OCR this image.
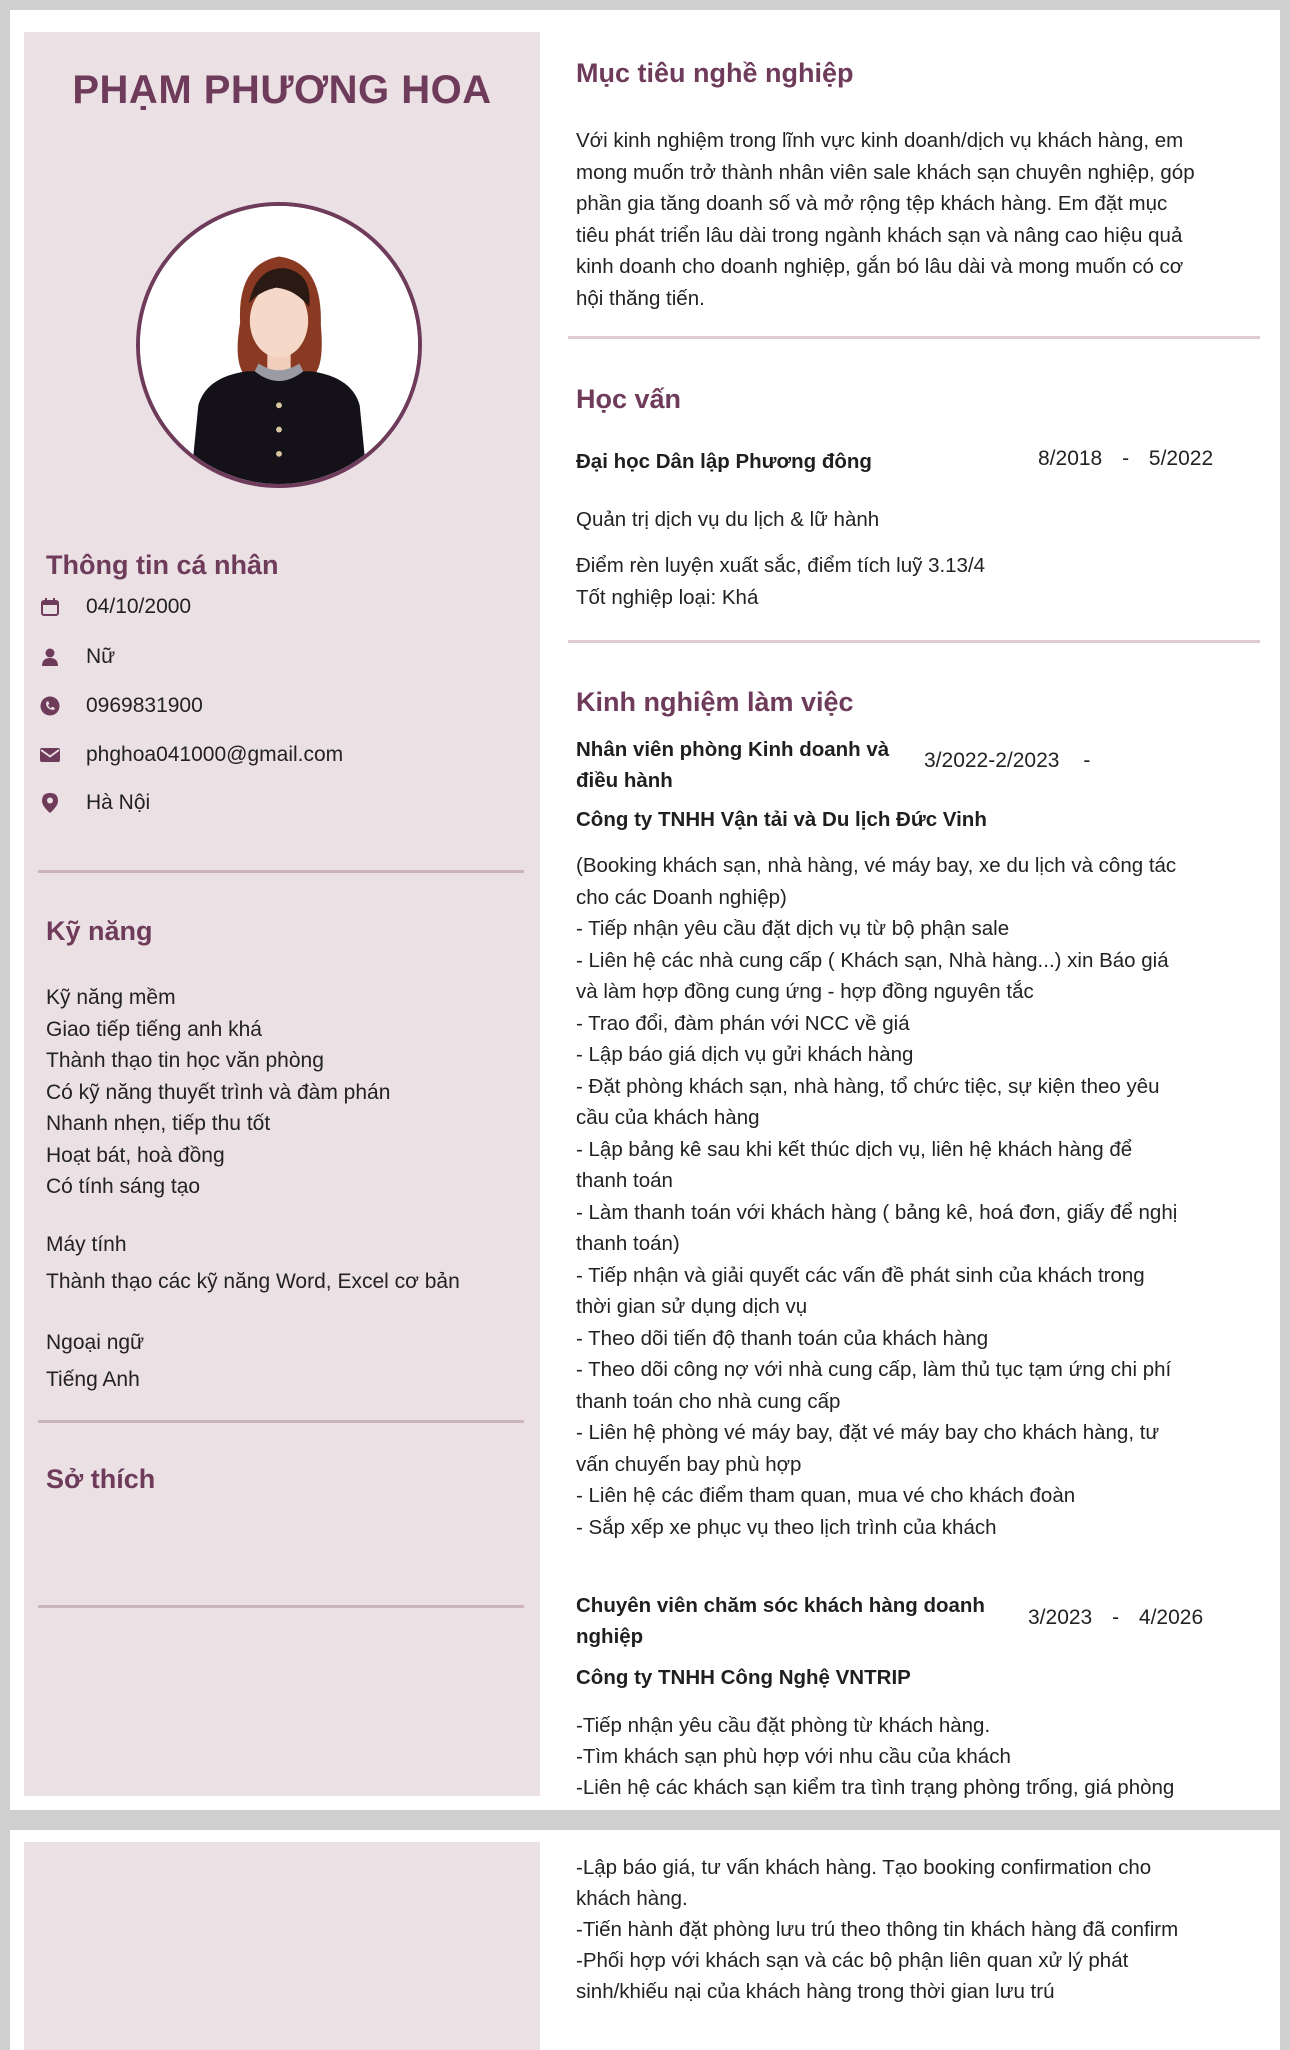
PHẠM PHƯƠNG HOA
Thông tin cá nhân
04/10/2000
Nữ
0969831900
phghoa041000@gmail.com
Hà Nội
Kỹ năng
Kỹ năng mềm
Giao tiếp tiếng anh khá
Thành thạo tin học văn phòng
Có kỹ năng thuyết trình và đàm phán
Nhanh nhẹn, tiếp thu tốt
Hoạt bát, hoà đồng
Có tính sáng tạo
Máy tính
Thành thạo các kỹ năng Word, Excel cơ bản
Ngoại ngữ
Tiếng Anh
Sở thích
Mục tiêu nghề nghiệp
Với kinh nghiệm trong lĩnh vực kinh doanh/dịch vụ khách hàng, em
mong muốn trở thành nhân viên sale khách sạn chuyên nghiệp, góp
phần gia tăng doanh số và mở rộng tệp khách hàng. Em đặt mục
tiêu phát triển lâu dài trong ngành khách sạn và nâng cao hiệu quả
kinh doanh cho doanh nghiệp, gắn bó lâu dài và mong muốn có cơ
hội thăng tiến.
Học vấn
Đại học Dân lập Phương đông	8/2018 - 5/2022
Quản trị dịch vụ du lịch & lữ hành
Điểm rèn luyện xuất sắc, điểm tích luỹ 3.13/4
Tốt nghiệp loại: Khá
Kinh nghiệm làm việc
Nhân viên phòng Kinh doanh và
điều hành
3/2022-2/2023 -
Công ty TNHH Vận tải và Du lịch Đức Vinh
(Booking khách sạn, nhà hàng, vé máy bay, xe du lịch và công tác
cho các Doanh nghiệp)
- Tiếp nhận yêu cầu đặt dịch vụ từ bộ phận sale
- Liên hệ các nhà cung cấp ( Khách sạn, Nhà hàng...) xin Báo giá
và làm hợp đồng cung ứng - hợp đồng nguyên tắc
- Trao đổi, đàm phán với NCC về giá
- Lập báo giá dịch vụ gửi khách hàng
- Đặt phòng khách sạn, nhà hàng, tổ chức tiệc, sự kiện theo yêu
cầu của khách hàng
- Lập bảng kê sau khi kết thúc dịch vụ, liên hệ khách hàng để
thanh toán
- Làm thanh toán với khách hàng ( bảng kê, hoá đơn, giấy để nghị
thanh toán)
- Tiếp nhận và giải quyết các vấn đề phát sinh của khách trong
thời gian sử dụng dịch vụ
- Theo dõi tiến độ thanh toán của khách hàng
- Theo dõi công nợ với nhà cung cấp, làm thủ tục tạm ứng chi phí
thanh toán cho nhà cung cấp
- Liên hệ phòng vé máy bay, đặt vé máy bay cho khách hàng, tư
vấn chuyến bay phù hợp
- Liên hệ các điểm tham quan, mua vé cho khách đoàn
- Sắp xếp xe phục vụ theo lịch trình của khách
Chuyên viên chăm sóc khách hàng doanh
nghiệp
3/2023 - 4/2026
Công ty TNHH Công Nghệ VNTRIP
-Tiếp nhận yêu cầu đặt phòng từ khách hàng.
-Tìm khách sạn phù hợp với nhu cầu của khách
-Liên hệ các khách sạn kiểm tra tình trạng phòng trống, giá phòng
-Lập báo giá, tư vấn khách hàng. Tạo booking confirmation cho
khách hàng.
-Tiến hành đặt phòng lưu trú theo thông tin khách hàng đã confirm
-Phối hợp với khách sạn và các bộ phận liên quan xử lý phát
sinh/khiếu nại của khách hàng trong thời gian lưu trú
